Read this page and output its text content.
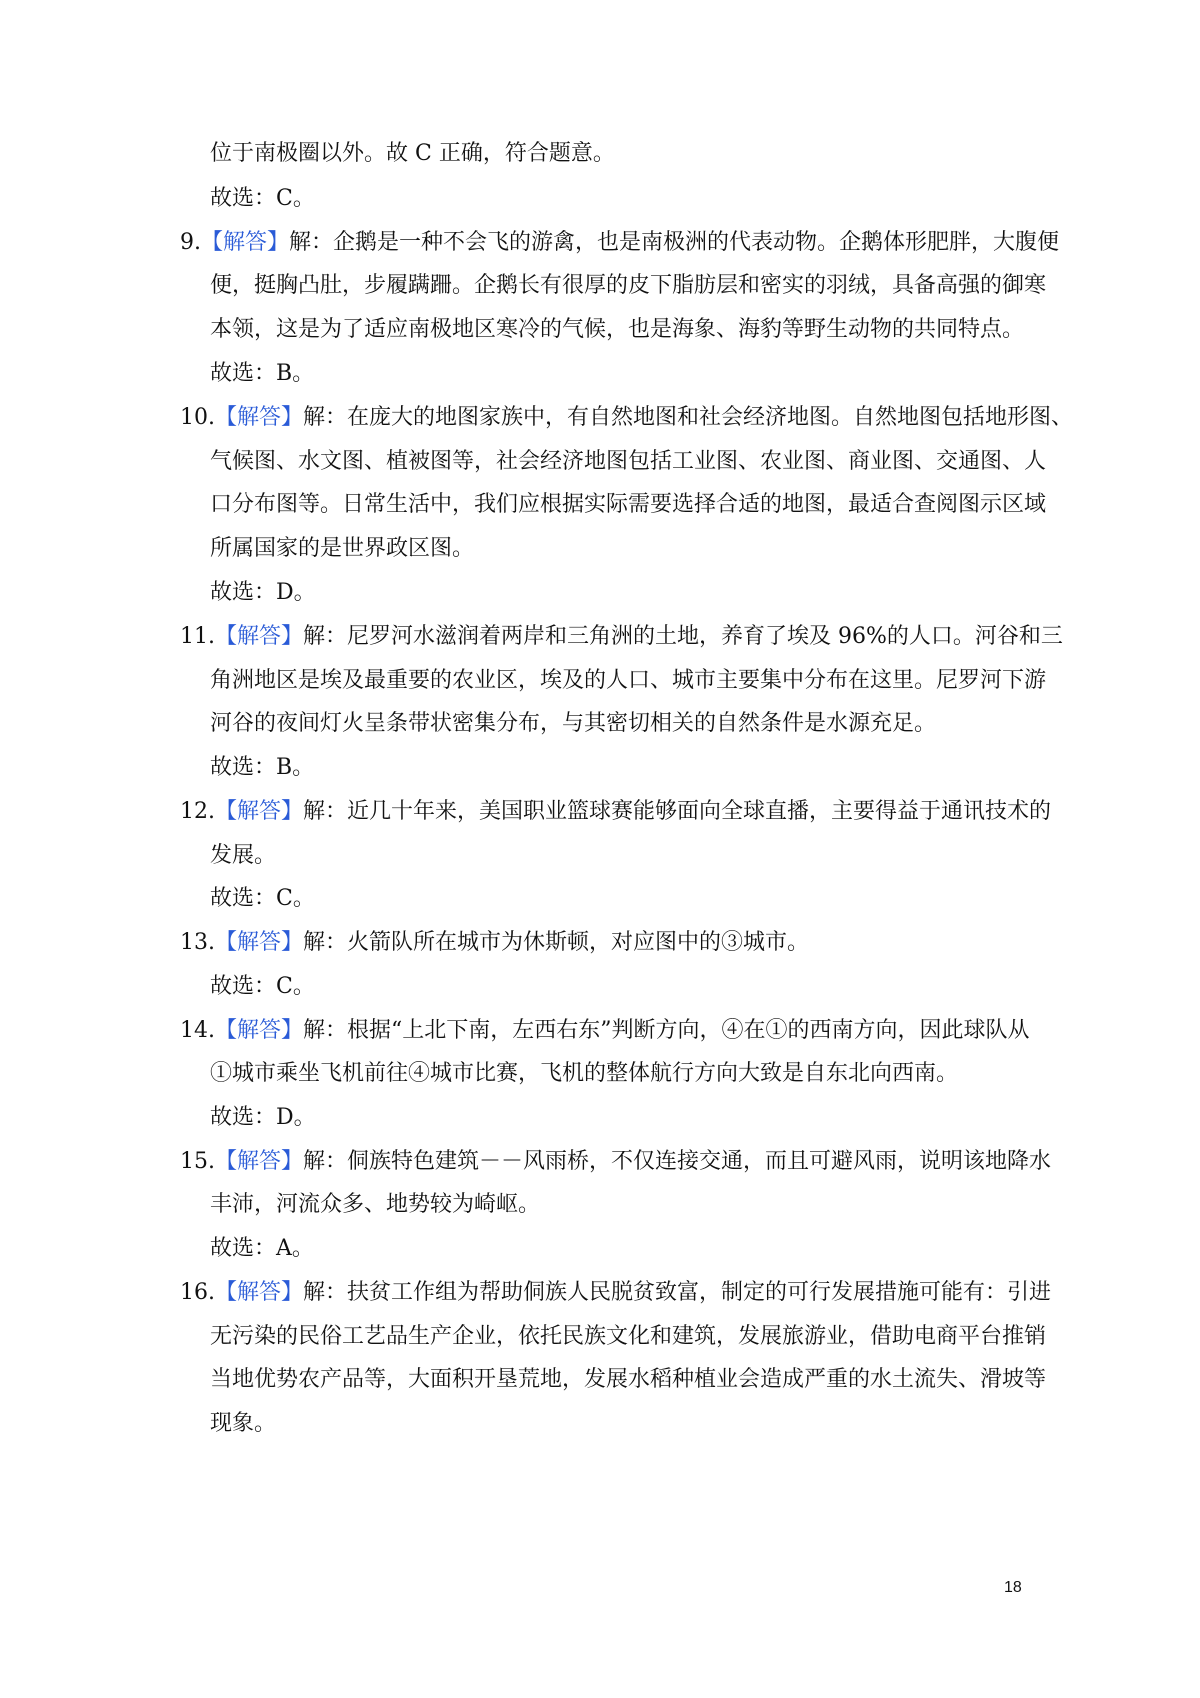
位于南极圈以外。故 C 正确，符合题意。
故选：C。
9.【解答】解：企鹅是一种不会飞的游禽，也是南极洲的代表动物。企鹅体形肥胖，大腹便
便，挺胸凸肚，步履蹒跚。企鹅长有很厚的皮下脂肪层和密实的羽绒，具备高强的御寒
本领，这是为了适应南极地区寒冷的气候，也是海象、海豹等野生动物的共同特点。
故选：B。
10.【解答】解：在庞大的地图家族中，有自然地图和社会经济地图。自然地图包括地形图、
气候图、水文图、植被图等，社会经济地图包括工业图、农业图、商业图、交通图、人
口分布图等。日常生活中，我们应根据实际需要选择合适的地图，最适合查阅图示区域
所属国家的是世界政区图。
故选：D。
11.【解答】解：尼罗河水滋润着两岸和三角洲的土地，养育了埃及 96%的人口。河谷和三
角洲地区是埃及最重要的农业区，埃及的人口、城市主要集中分布在这里。尼罗河下游
河谷的夜间灯火呈条带状密集分布，与其密切相关的自然条件是水源充足。
故选：B。
12.【解答】解：近几十年来，美国职业篮球赛能够面向全球直播，主要得益于通讯技术的
发展。
故选：C。
13.【解答】解：火箭队所在城市为休斯顿，对应图中的③城市。
故选：C。
14.【解答】解：根据“上北下南，左西右东”判断方向，④在①的西南方向，因此球队从
①城市乘坐飞机前往④城市比赛，飞机的整体航行方向大致是自东北向西南。
故选：D。
15.【解答】解：侗族特色建筑－－风雨桥，不仅连接交通，而且可避风雨，说明该地降水
丰沛，河流众多、地势较为崎岖。
故选：A。
16.【解答】解：扶贫工作组为帮助侗族人民脱贫致富，制定的可行发展措施可能有：引进
无污染的民俗工艺品生产企业，依托民族文化和建筑，发展旅游业，借助电商平台推销
当地优势农产品等，大面积开垦荒地，发展水稻种植业会造成严重的水土流失、滑坡等
现象。
18
